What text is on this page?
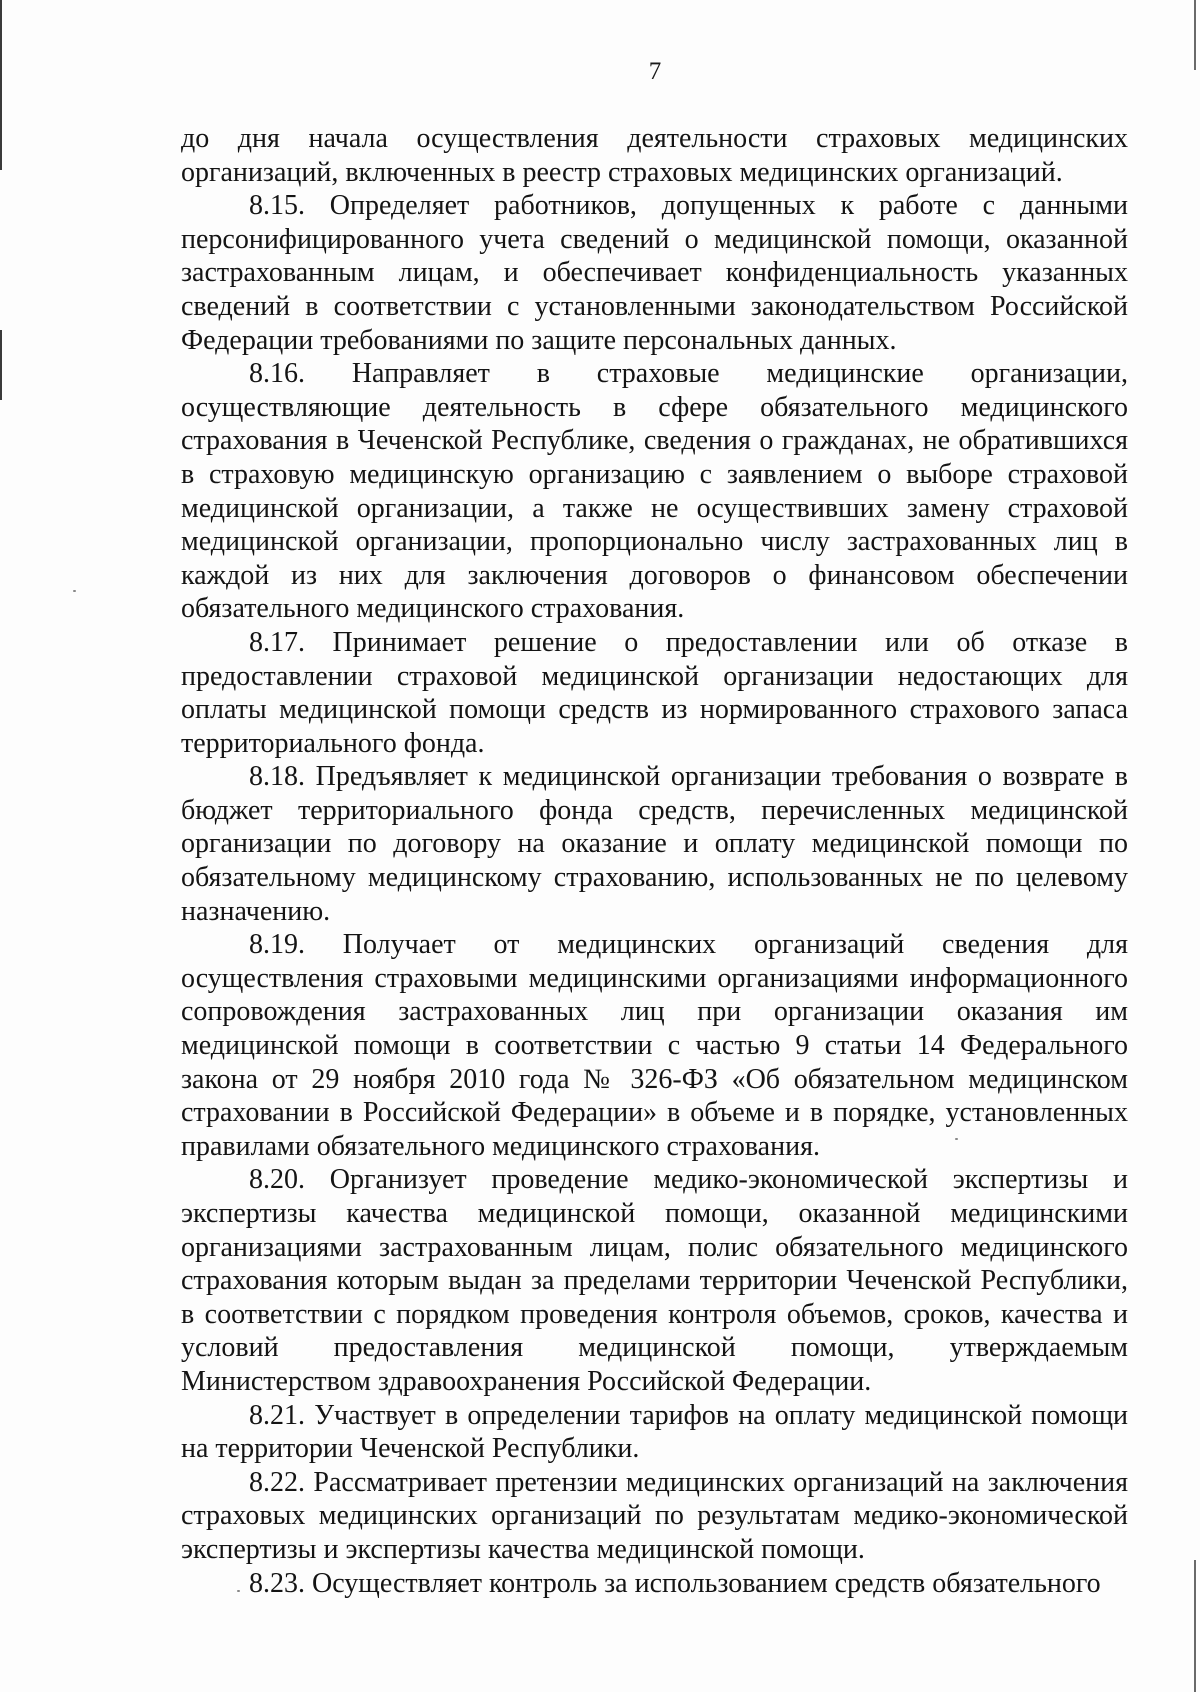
7

до дня начала осуществления деятельности страховых медицинских организаций, включенных в реестр страховых медицинских организаций.

8.15. Определяет работников, допущенных к работе с данными персонифицированного учета сведений о медицинской помощи, оказанной застрахованным лицам, и обеспечивает конфиденциальность указанных сведений в соответствии с установленными законодательством Российской Федерации требованиями по защите персональных данных.

8.16. Направляет в страховые медицинские организации, осуществляющие деятельность в сфере обязательного медицинского страхования в Чеченской Республике, сведения о гражданах, не обратившихся в страховую медицинскую организацию с заявлением о выборе страховой медицинской организации, а также не осуществивших замену страховой медицинской организации, пропорционально числу застрахованных лиц в каждой из них для заключения договоров о финансовом обеспечении обязательного медицинского страхования.

8.17. Принимает решение о предоставлении или об отказе в предоставлении страховой медицинской организации недостающих для оплаты медицинской помощи средств из нормированного страхового запаса территориального фонда.

8.18. Предъявляет к медицинской организации требования о возврате в бюджет территориального фонда средств, перечисленных медицинской организации по договору на оказание и оплату медицинской помощи по обязательному медицинскому страхованию, использованных не по целевому назначению.

8.19. Получает от медицинских организаций сведения для осуществления страховыми медицинскими организациями информационного сопровождения застрахованных лиц при организации оказания им медицинской помощи в соответствии с частью 9 статьи 14 Федерального закона от 29 ноября 2010 года № 326-ФЗ «Об обязательном медицинском страховании в Российской Федерации» в объеме и в порядке, установленных правилами обязательного медицинского страхования.

8.20. Организует проведение медико-экономической экспертизы и экспертизы качества медицинской помощи, оказанной медицинскими организациями застрахованным лицам, полис обязательного медицинского страхования которым выдан за пределами территории Чеченской Республики, в соответствии с порядком проведения контроля объемов, сроков, качества и условий предоставления медицинской помощи, утверждаемым Министерством здравоохранения Российской Федерации.

8.21. Участвует в определении тарифов на оплату медицинской помощи на территории Чеченской Республики.

8.22. Рассматривает претензии медицинских организаций на заключения страховых медицинских организаций по результатам медико-экономической экспертизы и экспертизы качества медицинской помощи.

8.23. Осуществляет контроль за использованием средств обязательного
